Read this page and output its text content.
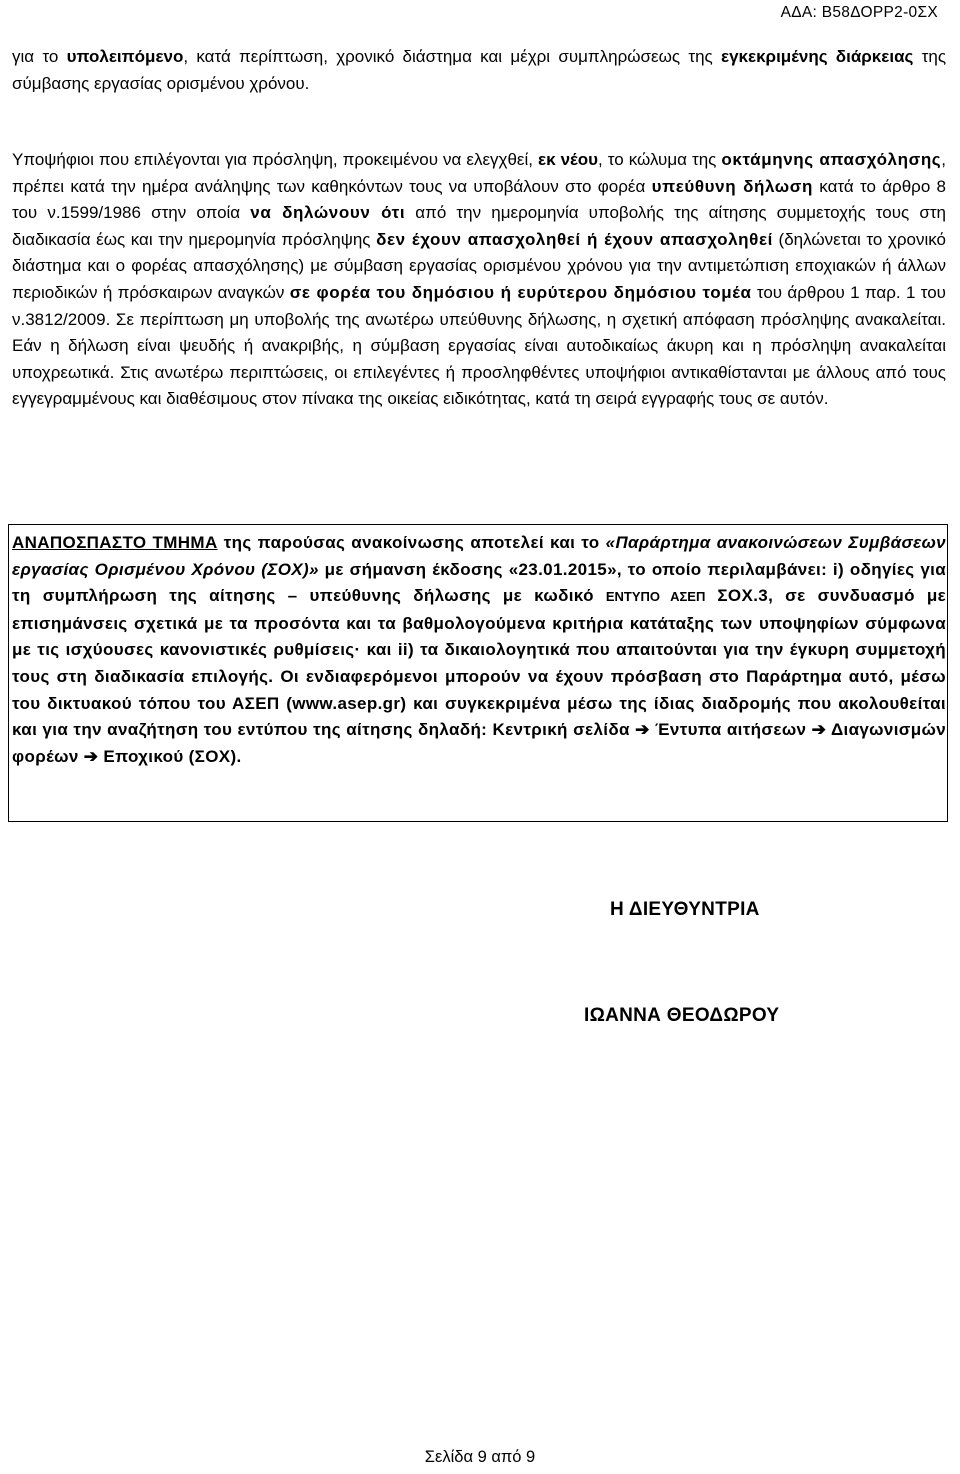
ΑΔΑ: Β58ΔΟΡΡ2-0ΣΧ

για το υπολειπόμενο, κατά περίπτωση, χρονικό διάστημα και μέχρι συμπληρώσεως της εγκεκριμένης διάρκειας της σύμβασης εργασίας ορισμένου χρόνου.

Υποψήφιοι που επιλέγονται για πρόσληψη, προκειμένου να ελεγχθεί, εκ νέου, το κώλυμα της οκτάμηνης απασχόλησης, πρέπει κατά την ημέρα ανάληψης των καθηκόντων τους να υποβάλουν στο φορέα υπεύθυνη δήλωση κατά το άρθρο 8 του ν.1599/1986 στην οποία να δηλώνουν ότι από την ημερομηνία υποβολής της αίτησης συμμετοχής τους στη διαδικασία έως και την ημερομηνία πρόσληψης δεν έχουν απασχοληθεί ή έχουν απασχοληθεί (δηλώνεται το χρονικό διάστημα και ο φορέας απασχόλησης) με σύμβαση εργασίας ορισμένου χρόνου για την αντιμετώπιση εποχιακών ή άλλων περιοδικών ή πρόσκαιρων αναγκών σε φορέα του δημόσιου ή ευρύτερου δημόσιου τομέα του άρθρου 1 παρ. 1 του ν.3812/2009. Σε περίπτωση μη υποβολής της ανωτέρω υπεύθυνης δήλωσης, η σχετική απόφαση πρόσληψης ανακαλείται. Εάν η δήλωση είναι ψευδής ή ανακριβής, η σύμβαση εργασίας είναι αυτοδικαίως άκυρη και η πρόσληψη ανακαλείται υποχρεωτικά. Στις ανωτέρω περιπτώσεις, οι επιλεγέντες ή προσληφθέντες υποψήφιοι αντικαθίστανται με άλλους από τους εγγεγραμμένους και διαθέσιμους στον πίνακα της οικείας ειδικότητας, κατά τη σειρά εγγραφής τους σε αυτόν.

ΑΝΑΠΟΣΠΑΣΤΟ ΤΜΗΜΑ της παρούσας ανακοίνωσης αποτελεί και το «Παράρτημα ανακοινώσεων Συμβάσεων εργασίας Ορισμένου Χρόνου (ΣΟΧ)» με σήμανση έκδοσης «23.01.2015», το οποίο περιλαμβάνει: i) οδηγίες για τη συμπλήρωση της αίτησης – υπεύθυνης δήλωσης με κωδικό ΕΝΤΥΠΟ ΑΣΕΠ ΣΟΧ.3, σε συνδυασμό με επισημάνσεις σχετικά με τα προσόντα και τα βαθμολογούμενα κριτήρια κατάταξης των υποψηφίων σύμφωνα με τις ισχύουσες κανονιστικές ρυθμίσεις· και ii) τα δικαιολογητικά που απαιτούνται για την έγκυρη συμμετοχή τους στη διαδικασία επιλογής. Οι ενδιαφερόμενοι μπορούν να έχουν πρόσβαση στο Παράρτημα αυτό, μέσω του δικτυακού τόπου του ΑΣΕΠ (www.asep.gr) και συγκεκριμένα μέσω της ίδιας διαδρομής που ακολουθείται και για την αναζήτηση του εντύπου της αίτησης δηλαδή: Κεντρική σελίδα ➔ Έντυπα αιτήσεων ➔ Διαγωνισμών φορέων ➔ Εποχικού (ΣΟΧ).

Η ΔΙΕΥΘΥΝΤΡΙΑ
ΙΩΑΝΝΑ ΘΕΟΔΩΡΟΥ
Σελίδα 9 από 9
